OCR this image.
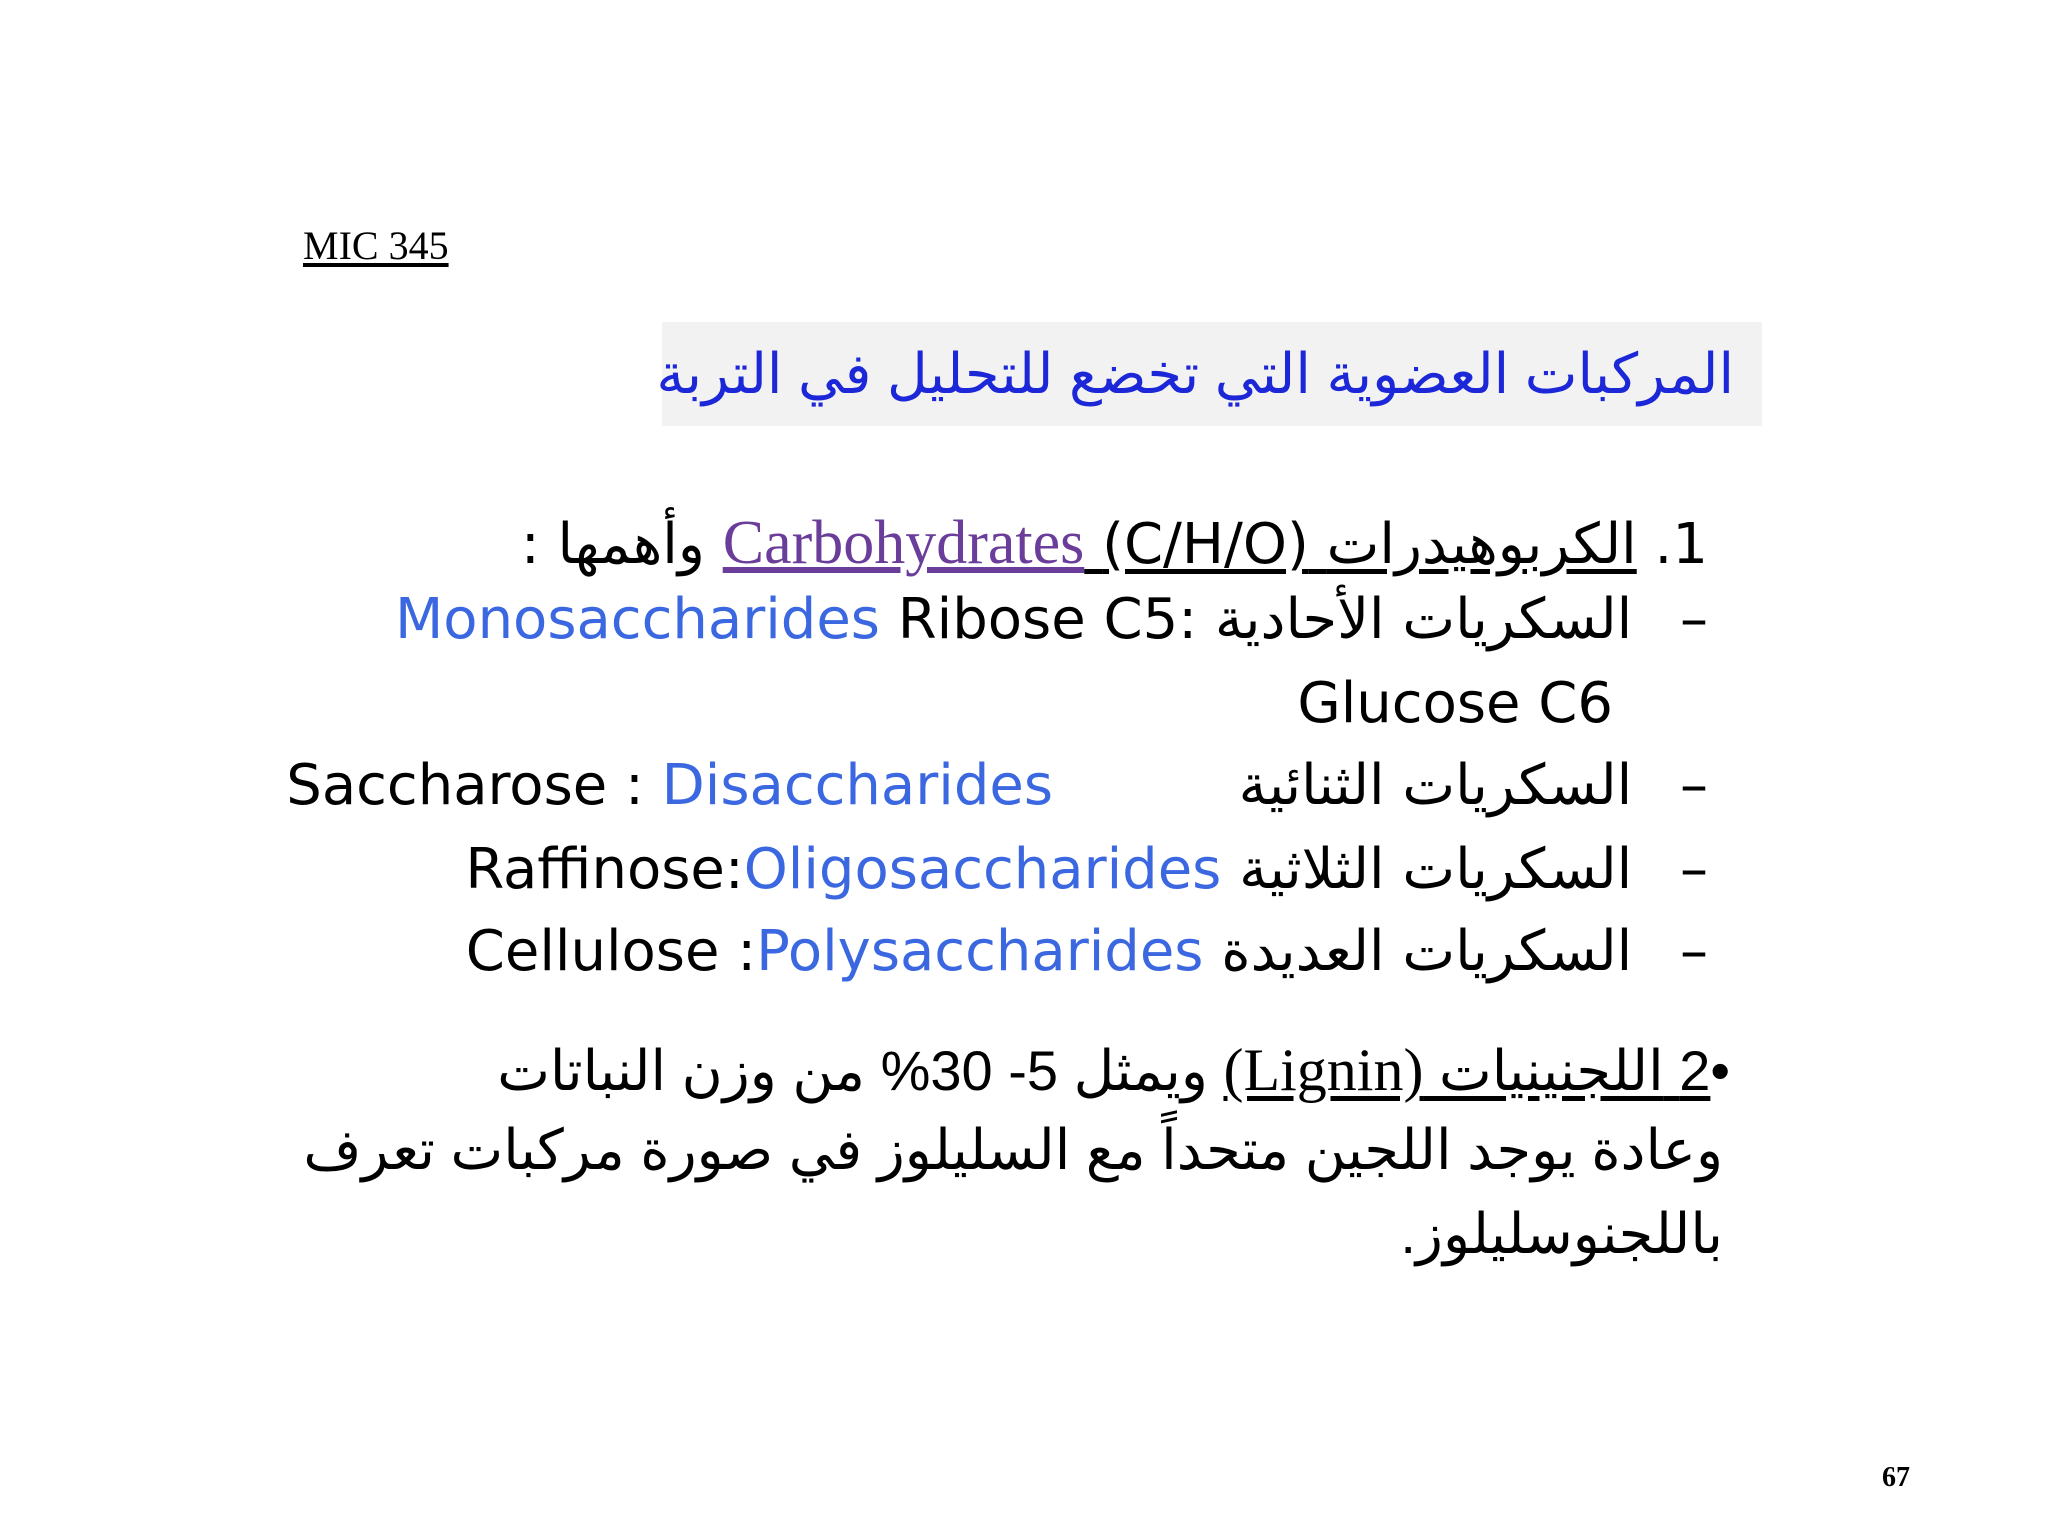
MIC 345
المركبات العضوية التي تخضع للتحليل في التربة
1. الكربوهيدرات (C/H/O) Carbohydrates وأهمها :
– السكريات الأحادية :Ribose C5 Monosaccharides
Glucose C6
– السكريات الثنائية  Saccharose : Disaccharides
– السكريات الثلاثية Raffinose:Oligosaccharides
– السكريات العديدة Cellulose :Polysaccharides
•2 اللجنينيات (Lignin) ويمثل 5- 30% من وزن النباتات
وعادة يوجد اللجين متحداً مع السليلوز في صورة مركبات تعرف
باللجنوسليلوز.
67
